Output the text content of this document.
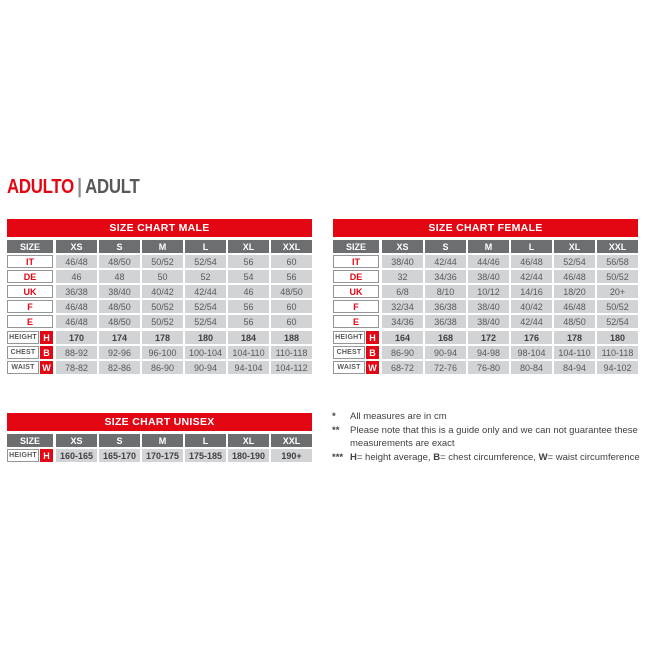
ADULTO | ADULT
SIZE CHART MALE
SIZE	XS	S	M	L	XL	XXL
IT	46/48	48/50	50/52	52/54	56	60
DE	46	48	50	52	54	56
UK	36/38	38/40	40/42	42/44	46	48/50
F	46/48	48/50	50/52	52/54	56	60
E	46/48	48/50	50/52	52/54	56	60
HEIGHT H	170	174	178	180	184	188
CHEST B	88-92	92-96	96-100	100-104	104-110	110-118
WAIST W	78-82	82-86	86-90	90-94	94-104	104-112
SIZE CHART FEMALE
SIZE	XS	S	M	L	XL	XXL
IT	38/40	42/44	44/46	46/48	52/54	56/58
DE	32	34/36	38/40	42/44	46/48	50/52
UK	6/8	8/10	10/12	14/16	18/20	20+
F	32/34	36/38	38/40	40/42	46/48	50/52
E	34/36	36/38	38/40	42/44	48/50	52/54
HEIGHT H	164	168	172	176	178	180
CHEST B	86-90	90-94	94-98	98-104	104-110	110-118
WAIST W	68-72	72-76	76-80	80-84	84-94	94-102
SIZE CHART UNISEX
SIZE	XS	S	M	L	XL	XXL
HEIGHT H	160-165	165-170	170-175	175-185	180-190	190+
*	All measures are in cm
**	Please note that this is a guide only and we can not guarantee these measurements are exact
*** H= height average, B= chest circumference, W= waist circumference
